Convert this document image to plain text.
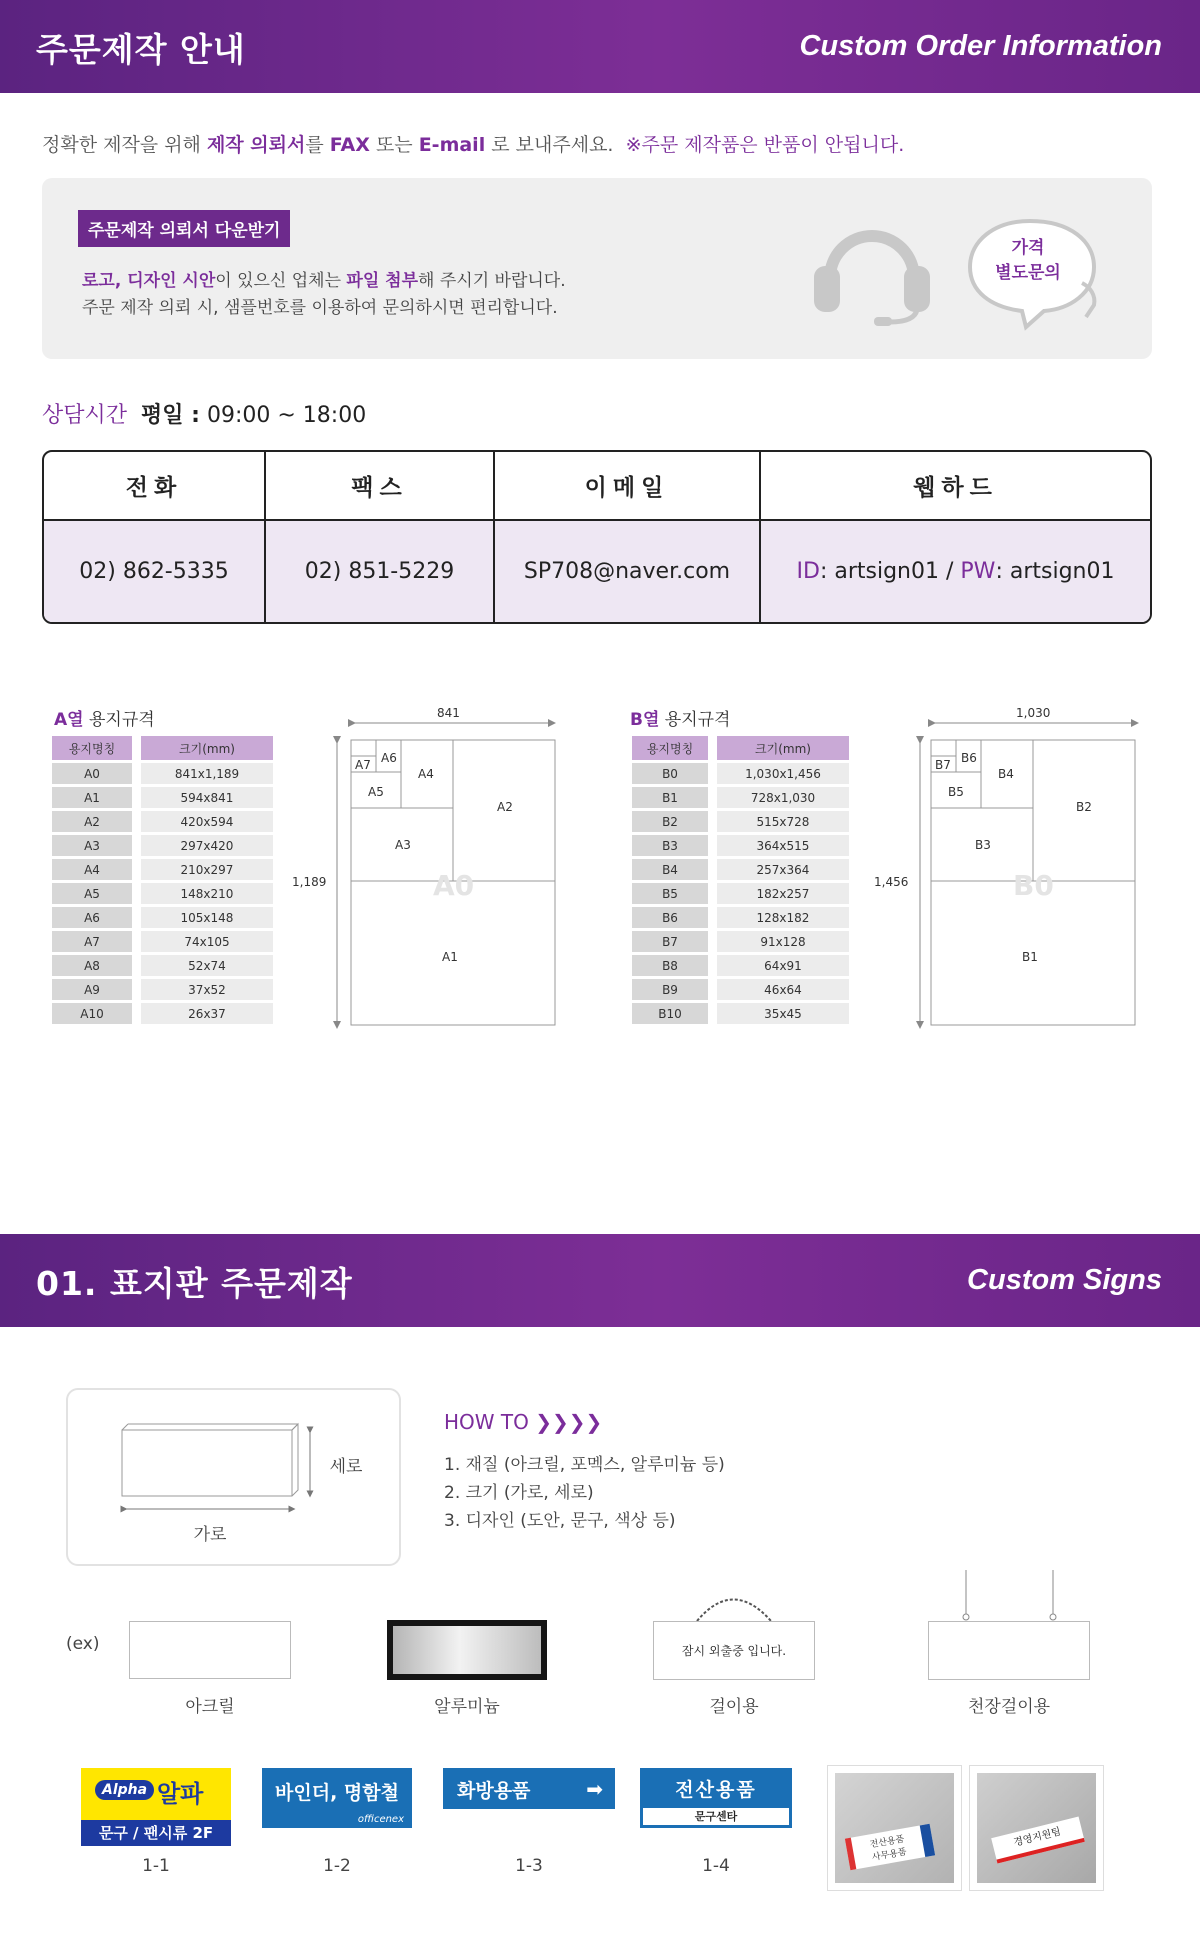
주문제작 안내	Custom Order Information
정확한 제작을 위해 제작 의뢰서를 FAX 또는 E-mail 로 보내주세요. ※주문 제작품은 반품이 안됩니다.
주문제작 의뢰서 다운받기
로고, 디자인 시안이 있으신 업체는 파일 첨부해 주시기 바랍니다.
주문 제작 의뢰 시, 샘플번호를 이용하여 문의하시면 편리합니다.
가격
별도문의
상담시간 평일 : 09:00 ~ 18:00
전화	팩스	이메일	웹하드
02) 862-5335	02) 851-5229	SP708@naver.com	ID : artsign01 /
PW : artsign01
A열 용지규격
용지명칭		크기(mm)
A0		841x1,189
A1		594x841
A2		420x594
A3		297x420
A4		210x297
A5		148x210
A6		105x148
A7		74x105
A8		52x74
A9		37x52
A10		26x37
841
1,189	A0
A1
A2
A3
A4
A5
A6
A7
B열 용지규격
용지명칭		크기(mm)
B0		1,030x1,456
B1		728x1,030
B2		515x728
B3		364x515
B4		257x364
B5		182x257
B6		128x182
B7		91x128
B8		64x91
B9		46x64
B10		35x45
1,030
1,456	B0
B1
B2
B3
B4
B5
B6
B7
01. 표지판 주문제작	Custom Signs
가로
세로
HOW TO ❯❯❯❯
1. 재질 (아크릴, 포멕스, 알루미늄 등)
2. 크기 (가로, 세로)
3. 디자인 (도안, 문구, 색상 등)
(ex)
아크릴	알루미늄
잠시 외출중 입니다.
걸이용	천장걸이용
Alpha 알파
문구 / 팬시류 2F
1-1
바인더, 명함철
officenex
1-2
화방용품	➡
1-3
전산용품
문구센타
1-4
전산용품
사무용품
경영지원팀
